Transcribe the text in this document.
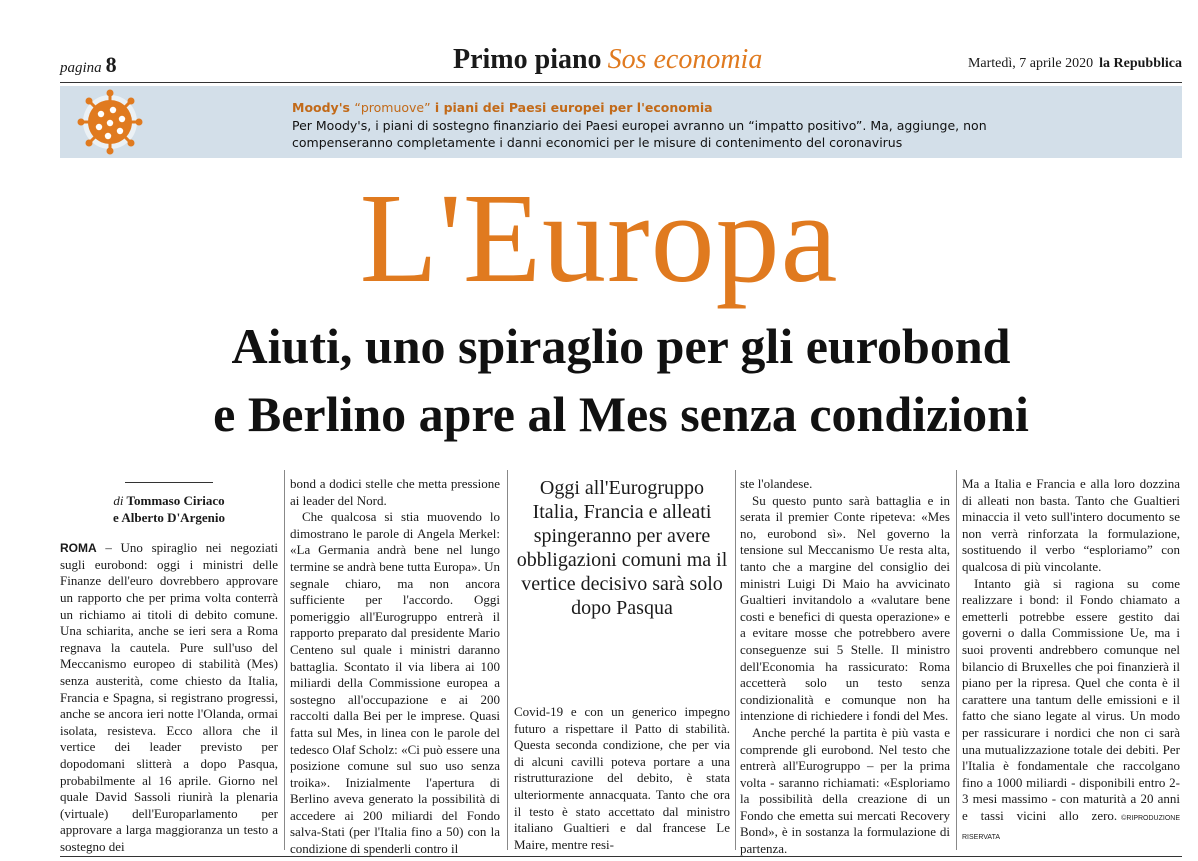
pagina 8	Primo piano Sos economia	Martedì, 7 aprile 2020 la Repubblica
Moody's “promuove” i piani dei Paesi europei per l'economia
Per Moody's, i piani di sostegno finanziario dei Paesi europei avranno un “impatto positivo”. Ma, aggiunge, non compenseranno completamente i danni economici per le misure di contenimento del coronavirus
L'Europa
Aiuti, uno spiraglio per gli eurobond
e Berlino apre al Mes senza condizioni
di Tommaso Ciriaco
e Alberto D'Argenio

ROMA – Uno spiraglio nei negoziati sugli eurobond: oggi i ministri delle Finanze dell'euro dovrebbero approvare un rapporto che per prima volta conterrà un richiamo ai titoli di debito comune. Una schiarita, anche se ieri sera a Roma regnava la cautela. Pure sull'uso del Meccanismo europeo di stabilità (Mes) senza austerità, come chiesto da Italia, Francia e Spagna, si registrano progressi, anche se ancora ieri notte l'Olanda, ormai isolata, resisteva. Ecco allora che il vertice dei leader previsto per dopodomani slitterà a dopo Pasqua, probabilmente al 16 aprile. Giorno nel quale David Sassoli riunirà la plenaria (virtuale) dell'Europarlamento per approvare a larga maggioranza un testo a sostegno dei

bond a dodici stelle che metta pressione ai leader del Nord.

Che qualcosa si stia muovendo lo dimostrano le parole di Angela Merkel: «La Germania andrà bene nel lungo termine se andrà bene tutta Europa». Un segnale chiaro, ma non ancora sufficiente per l'accordo. Oggi pomeriggio all'Eurogruppo entrerà il rapporto preparato dal presidente Mario Centeno sul quale i ministri daranno battaglia. Scontato il via libera ai 100 miliardi della Commissione europea a sostegno all'occupazione e ai 200 raccolti dalla Bei per le imprese. Quasi fatta sul Mes, in linea con le parole del tedesco Olaf Scholz: «Ci può essere una posizione comune sul suo uso senza troika». Inizialmente l'apertura di Berlino aveva generato la possibilità di accedere ai 200 miliardi del Fondo salva-Stati (per l'Italia fino a 50) con la condizione di spenderli contro il

Oggi all'Eurogruppo Italia, Francia e alleati spingeranno per avere obbligazioni comuni ma il vertice decisivo sarà solo dopo Pasqua

Covid-19 e con un generico impegno futuro a rispettare il Patto di stabilità. Questa seconda condizione, che per via di alcuni cavilli poteva portare a una ristrutturazione del debito, è stata ulteriormente annacquata. Tanto che ora il testo è stato accettato dal ministro italiano Gualtieri e dal francese Le Maire, mentre resi-

ste l'olandese.

Su questo punto sarà battaglia e in serata il premier Conte ripeteva: «Mes no, eurobond sì». Nel governo la tensione sul Meccanismo Ue resta alta, tanto che a margine del consiglio dei ministri Luigi Di Maio ha avvicinato Gualtieri invitandolo a «valutare bene costi e benefici di questa operazione» e a evitare mosse che potrebbero avere conseguenze sui 5 Stelle. Il ministro dell'Economia ha rassicurato: Roma accetterà solo un testo senza condizionalità e comunque non ha intenzione di richiedere i fondi del Mes.

Anche perché la partita è più vasta e comprende gli eurobond. Nel testo che entrerà all'Eurogruppo – per la prima volta - saranno richiamati: «Esploriamo la possibilità della creazione di un Fondo che emetta sui mercati Recovery Bond», è in sostanza la formulazione di partenza.

Ma a Italia e Francia e alla loro dozzina di alleati non basta. Tanto che Gualtieri minaccia il veto sull'intero documento se non verrà rinforzata la formulazione, sostituendo il verbo “esploriamo” con qualcosa di più vincolante.

Intanto già si ragiona su come realizzare i bond: il Fondo chiamato a emetterli potrebbe essere gestito dai governi o dalla Commissione Ue, ma i suoi proventi andrebbero comunque nel bilancio di Bruxelles che poi finanzierà il piano per la ripresa. Quel che conta è il carattere una tantum delle emissioni e il fatto che siano legate al virus. Un modo per rassicurare i nordici che non ci sarà una mutualizzazione totale dei debiti. Per l'Italia è fondamentale che raccolgano fino a 1000 miliardi - disponibili entro 2-3 mesi massimo - con maturità a 20 anni e tassi vicini allo zero. ©RIPRODUZIONE RISERVATA
